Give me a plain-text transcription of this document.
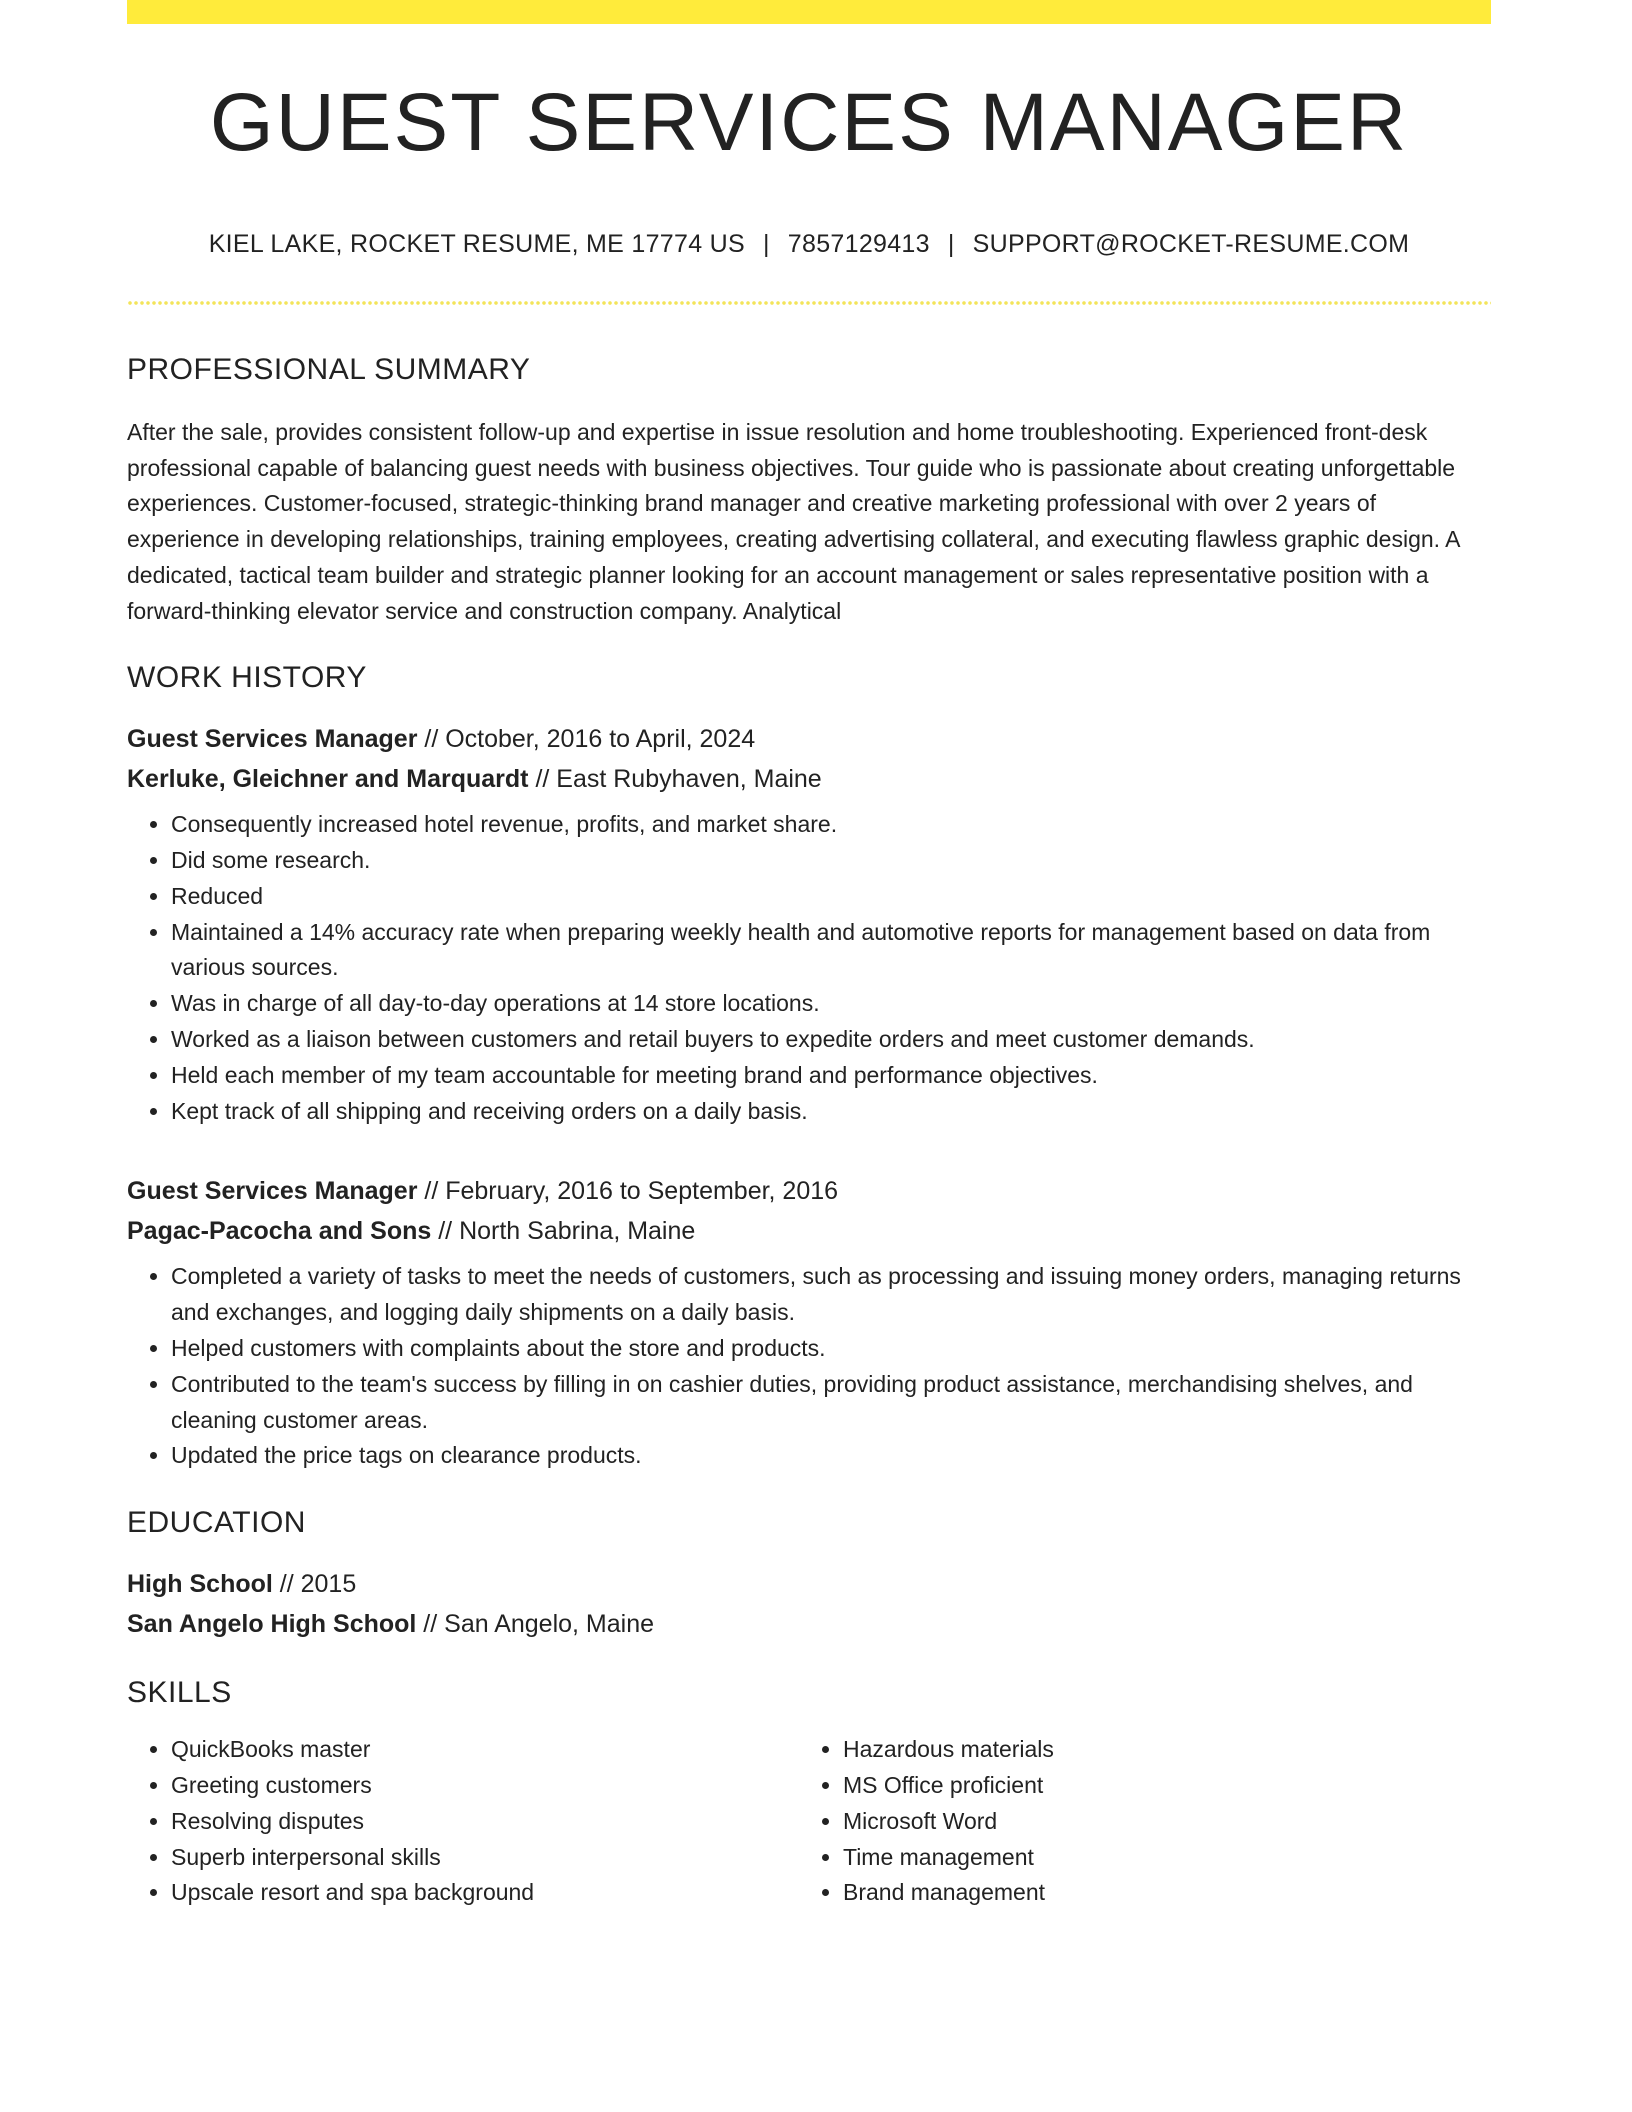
GUEST SERVICES MANAGER
KIEL LAKE, ROCKET RESUME, ME 17774 US | 7857129413 | SUPPORT@ROCKET-RESUME.COM
PROFESSIONAL SUMMARY

After the sale, provides consistent follow-up and expertise in issue resolution and home troubleshooting. Experienced front-desk professional capable of balancing guest needs with business objectives. Tour guide who is passionate about creating unforgettable experiences. Customer-focused, strategic-thinking brand manager and creative marketing professional with over 2 years of experience in developing relationships, training employees, creating advertising collateral, and executing flawless graphic design. A dedicated, tactical team builder and strategic planner looking for an account management or sales representative position with a forward-thinking elevator service and construction company. Analytical

WORK HISTORY
Guest Services Manager // October, 2016 to April, 2024
Kerluke, Gleichner and Marquardt // East Rubyhaven, Maine
• Consequently increased hotel revenue, profits, and market share.
• Did some research.
• Reduced
• Maintained a 14% accuracy rate when preparing weekly health and automotive reports for management based on data from various sources.
• Was in charge of all day-to-day operations at 14 store locations.
• Worked as a liaison between customers and retail buyers to expedite orders and meet customer demands.
• Held each member of my team accountable for meeting brand and performance objectives.
• Kept track of all shipping and receiving orders on a daily basis.
Guest Services Manager // February, 2016 to September, 2016
Pagac-Pacocha and Sons // North Sabrina, Maine
• Completed a variety of tasks to meet the needs of customers, such as processing and issuing money orders, managing returns and exchanges, and logging daily shipments on a daily basis.
• Helped customers with complaints about the store and products.
• Contributed to the team's success by filling in on cashier duties, providing product assistance, merchandising shelves, and cleaning customer areas.
• Updated the price tags on clearance products.
EDUCATION
High School // 2015
San Angelo High School // San Angelo, Maine
SKILLS
• QuickBooks master
• Greeting customers
• Resolving disputes
• Superb interpersonal skills
• Upscale resort and spa background
• Hazardous materials
• MS Office proficient
• Microsoft Word
• Time management
• Brand management
